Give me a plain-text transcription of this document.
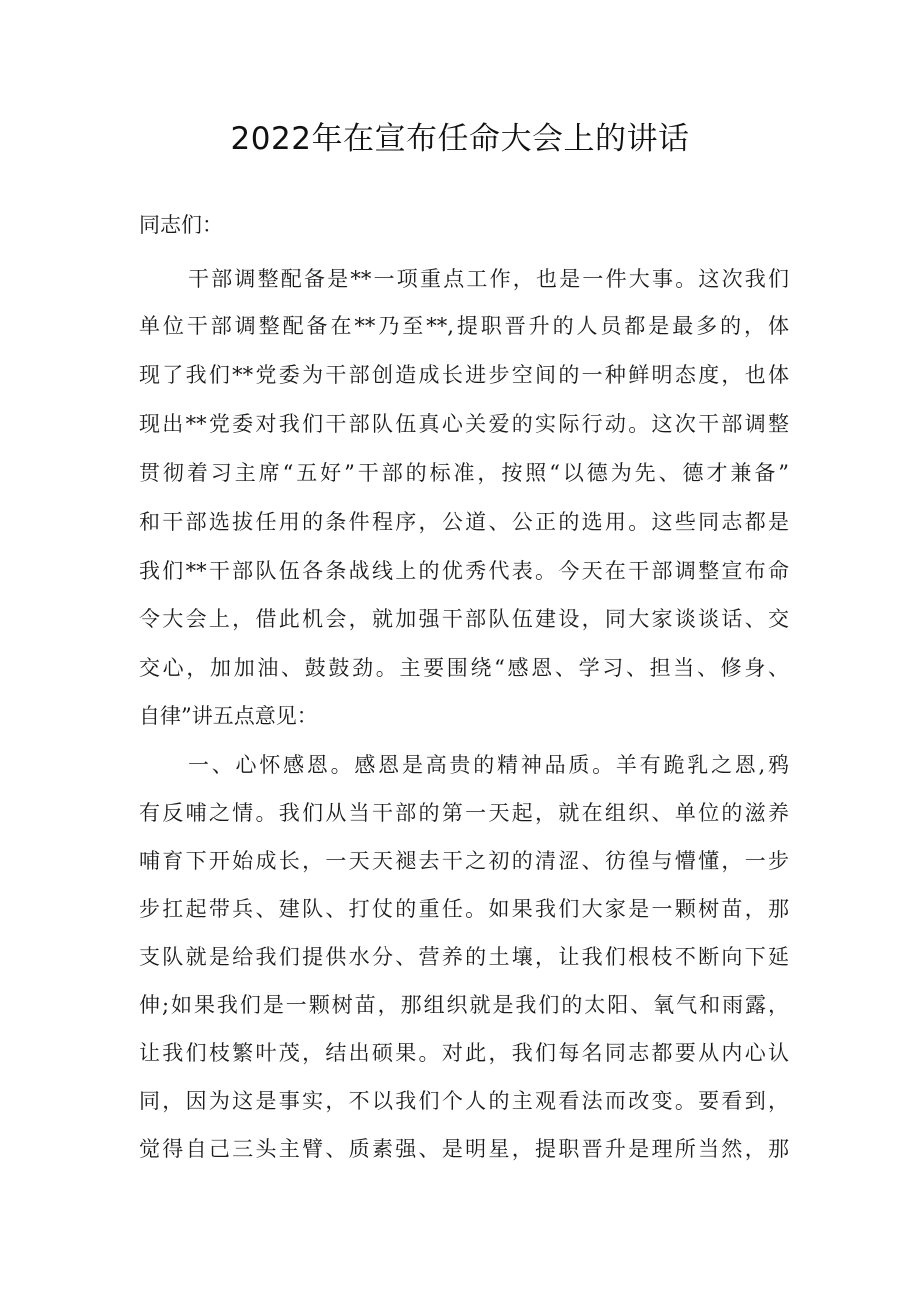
2022年在宣布任命大会上的讲话
同志们：
干部调整配备是**一项重点工作，也是一件大事。这次我们
单位干部调整配备在**乃至**,提职晋升的人员都是最多的，体
现了我们**党委为干部创造成长进步空间的一种鲜明态度，也体
现出**党委对我们干部队伍真心关爱的实际行动。这次干部调整
贯彻着习主席“五好”干部的标准，按照“以德为先、德才兼备”
和干部选拔任用的条件程序，公道、公正的选用。这些同志都是
我们**干部队伍各条战线上的优秀代表。今天在干部调整宣布命
令大会上，借此机会，就加强干部队伍建设，同大家谈谈话、交
交心，加加油、鼓鼓劲。主要围绕“感恩、学习、担当、修身、
自律”讲五点意见：
一、心怀感恩。感恩是高贵的精神品质。羊有跪乳之恩,鸦
有反哺之情。我们从当干部的第一天起，就在组织、单位的滋养
哺育下开始成长，一天天褪去干之初的清涩、彷徨与懵懂，一步
步扛起带兵、建队、打仗的重任。如果我们大家是一颗树苗，那
支队就是给我们提供水分、营养的土壤，让我们根枝不断向下延
伸;如果我们是一颗树苗，那组织就是我们的太阳、氧气和雨露，
让我们枝繁叶茂，结出硕果。对此，我们每名同志都要从内心认
同，因为这是事实，不以我们个人的主观看法而改变。要看到，
觉得自己三头主臂、质素强、是明星，提职晋升是理所当然，那
